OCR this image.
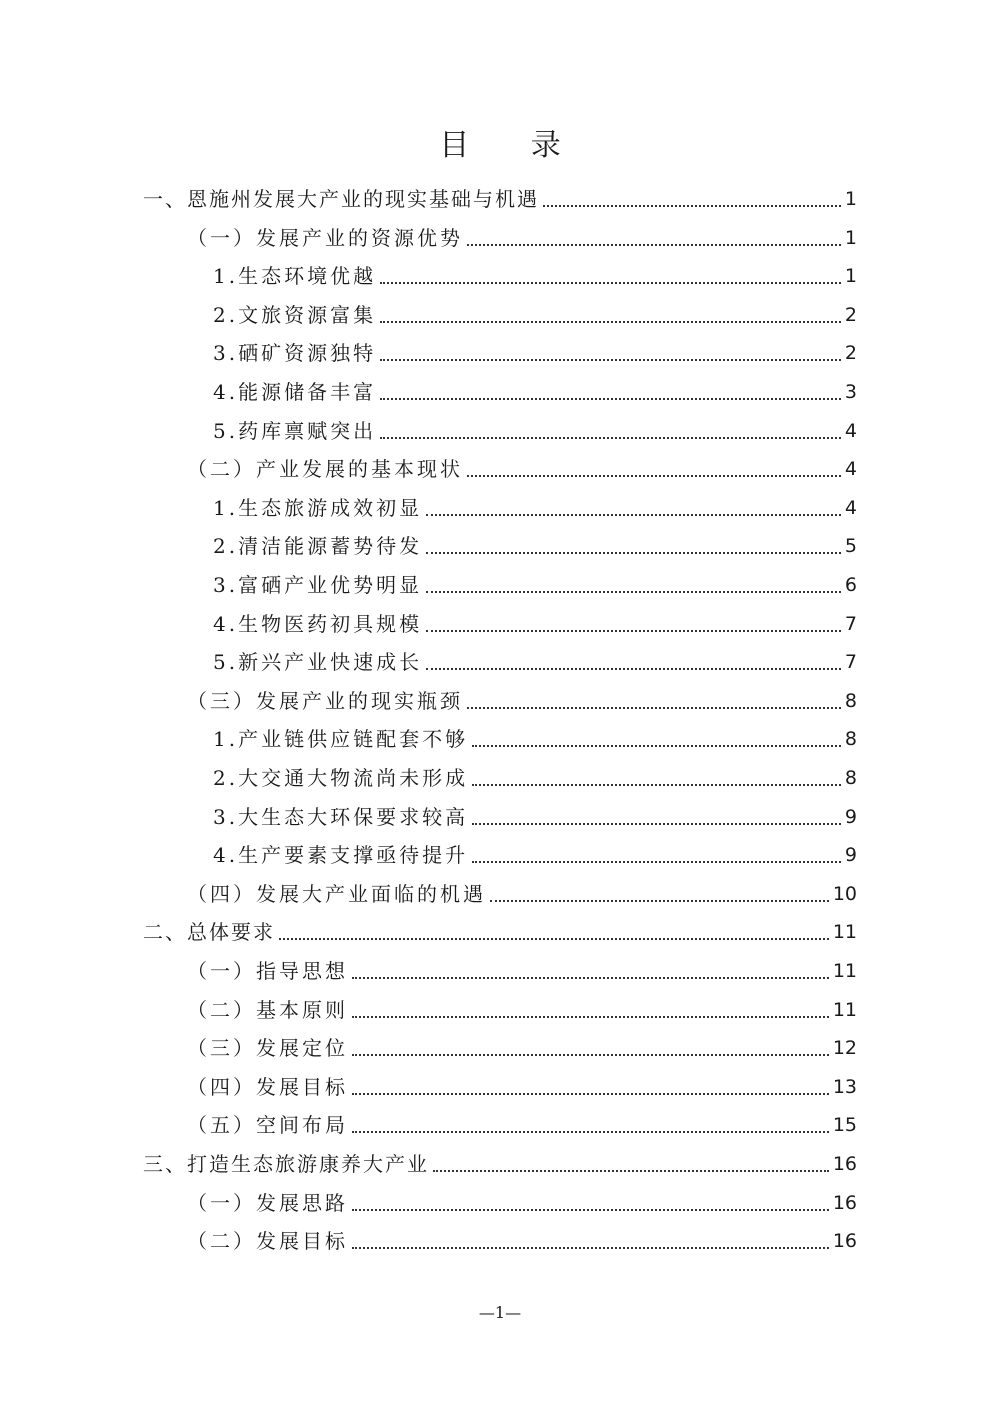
目 录
一、恩施州发展大产业的现实基础与机遇	1
（一）发展产业的资源优势	1
1.生态环境优越	1
2.文旅资源富集	2
3.硒矿资源独特	2
4.能源储备丰富	3
5.药库禀赋突出	4
（二）产业发展的基本现状	4
1.生态旅游成效初显	4
2.清洁能源蓄势待发	5
3.富硒产业优势明显	6
4.生物医药初具规模	7
5.新兴产业快速成长	7
（三）发展产业的现实瓶颈	8
1.产业链供应链配套不够	8
2.大交通大物流尚未形成	8
3.大生态大环保要求较高	9
4.生产要素支撑亟待提升	9
（四）发展大产业面临的机遇	10
二、总体要求	11
（一）指导思想	11
（二）基本原则	11
（三）发展定位	12
（四）发展目标	13
（五）空间布局	15
三、打造生态旅游康养大产业	16
（一）发展思路	16
（二）发展目标	16
—1—
